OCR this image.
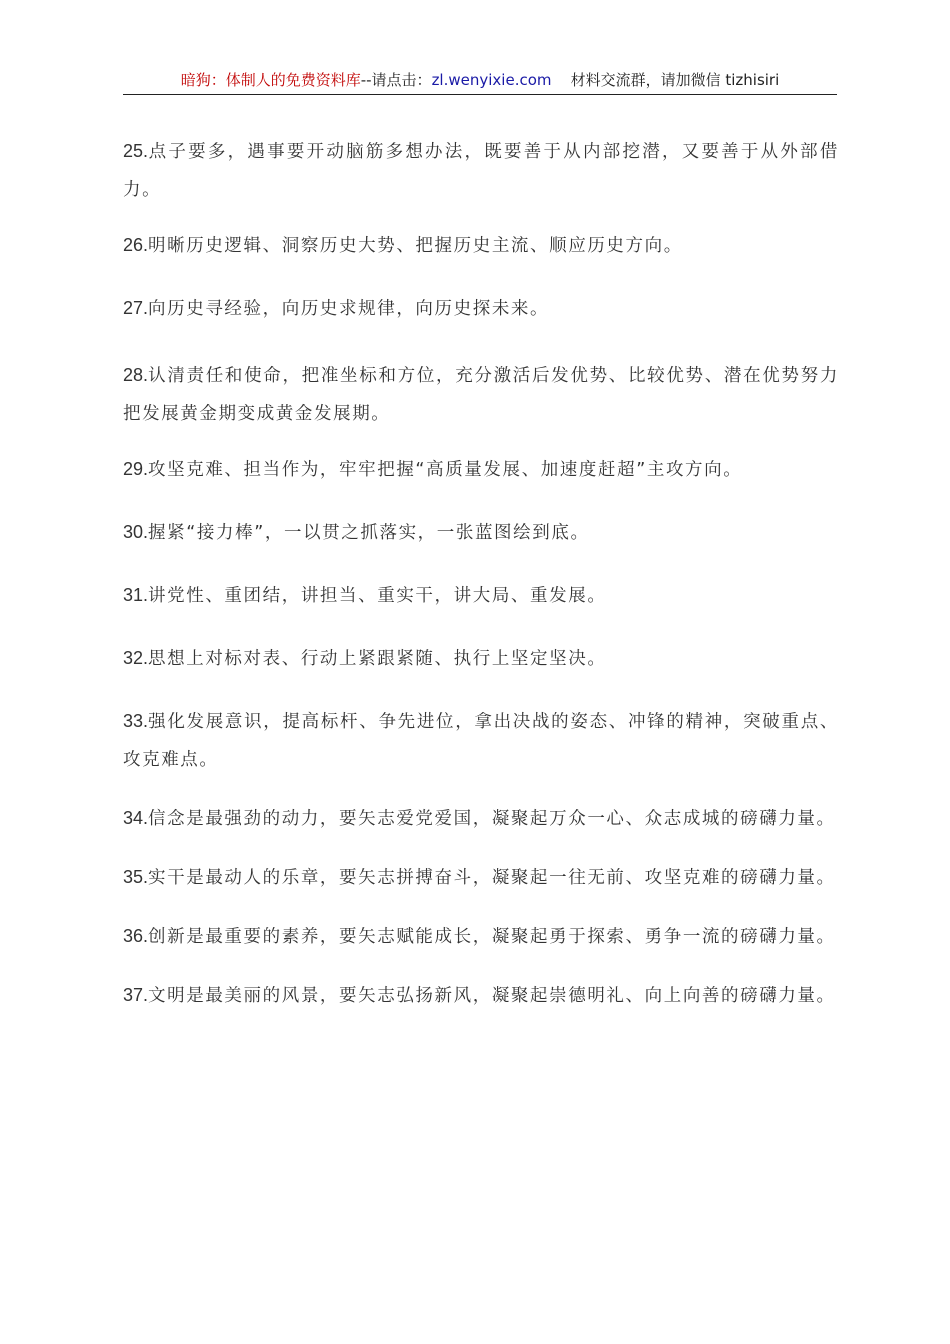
暗狗：体制人的免费资料库--请点击：zl.wenyixie.com 材料交流群，请加微信 tizhisiri

25.点子要多，遇事要开动脑筋多想办法，既要善于从内部挖潜，又要善于从外部借力。

26.明晰历史逻辑、洞察历史大势、把握历史主流、顺应历史方向。

27.向历史寻经验，向历史求规律，向历史探未来。

28.认清责任和使命，把准坐标和方位，充分激活后发优势、比较优势、潜在优势努力把发展黄金期变成黄金发展期。

29.攻坚克难、担当作为，牢牢把握“高质量发展、加速度赶超”主攻方向。

30.握紧“接力棒”，一以贯之抓落实，一张蓝图绘到底。

31.讲党性、重团结，讲担当、重实干，讲大局、重发展。

32.思想上对标对表、行动上紧跟紧随、执行上坚定坚决。

33.强化发展意识，提高标杆、争先进位，拿出决战的姿态、冲锋的精神，突破重点、攻克难点。

34.信念是最强劲的动力，要矢志爱党爱国，凝聚起万众一心、众志成城的磅礴力量。

35.实干是最动人的乐章，要矢志拼搏奋斗，凝聚起一往无前、攻坚克难的磅礴力量。

36.创新是最重要的素养，要矢志赋能成长，凝聚起勇于探索、勇争一流的磅礴力量。

37.文明是最美丽的风景，要矢志弘扬新风，凝聚起崇德明礼、向上向善的磅礴力量。
